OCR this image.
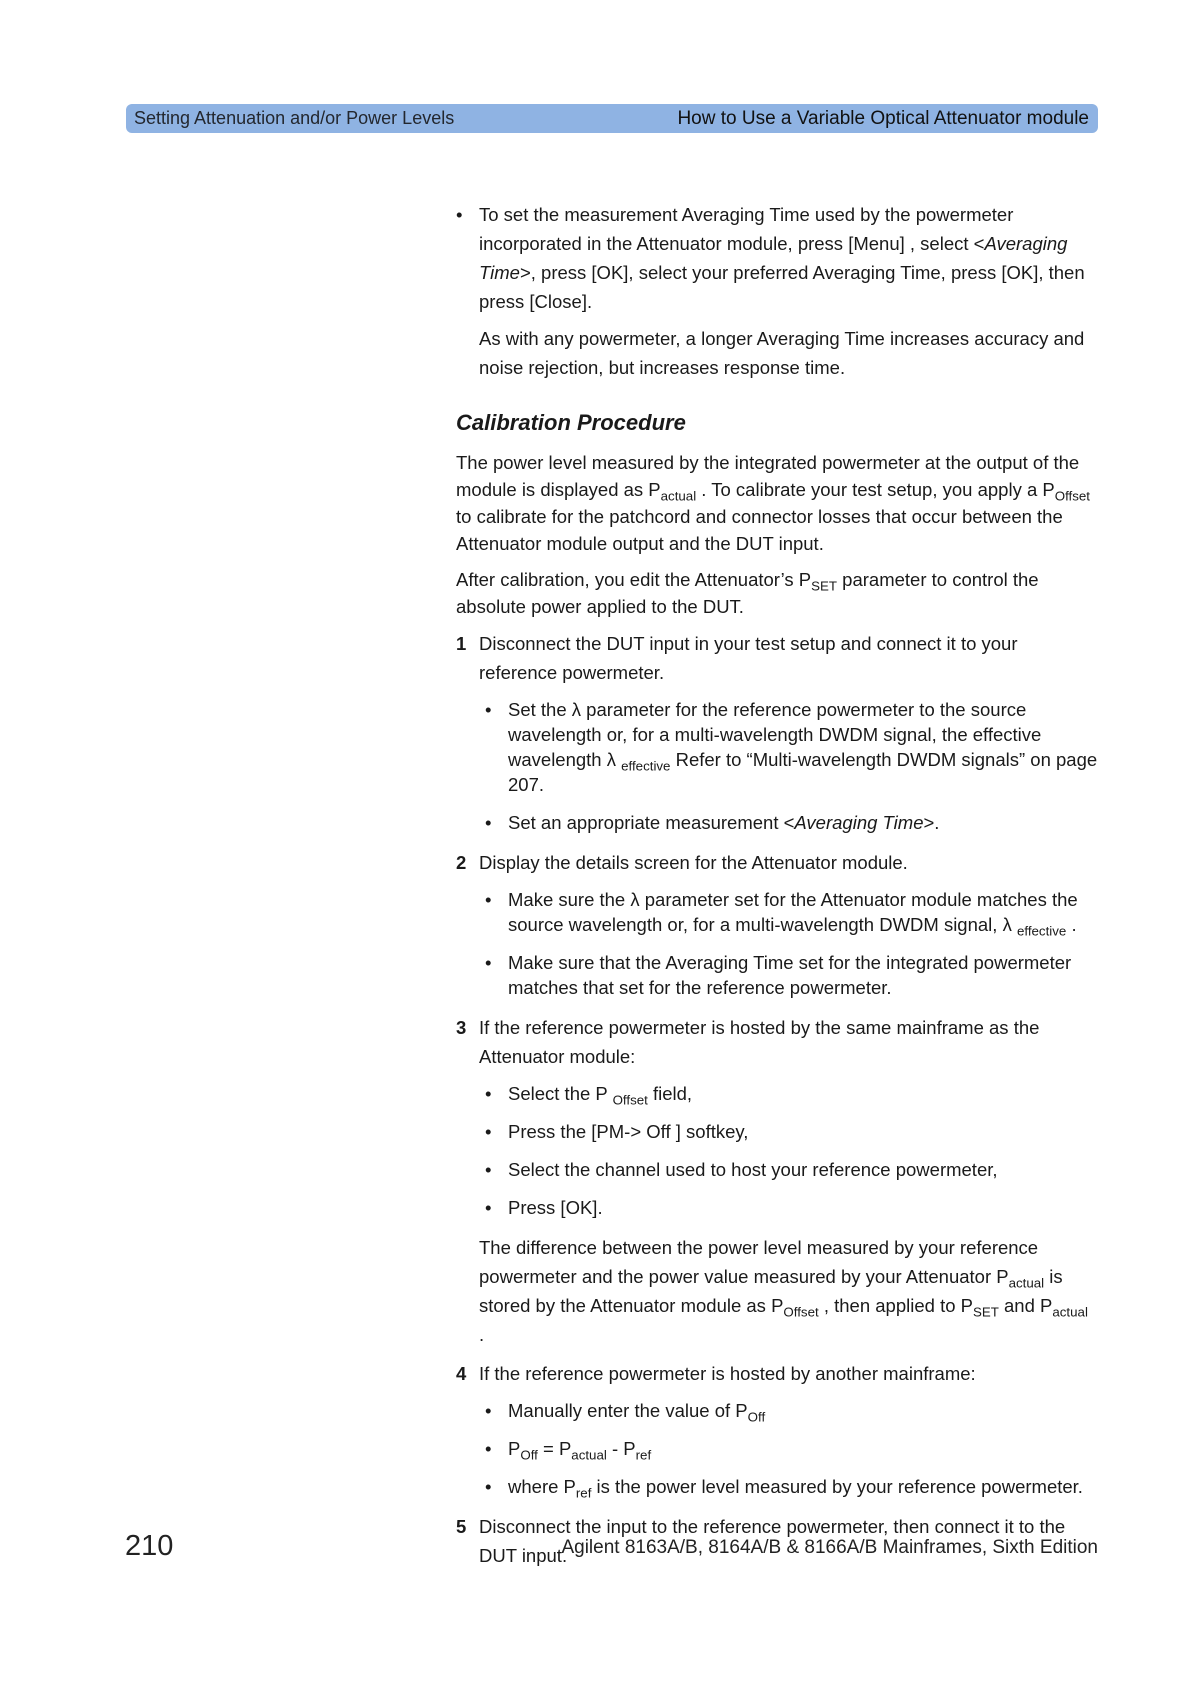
Setting Attenuation and/or Power Levels	How to Use a Variable Optical Attenuator module
• To set the measurement Averaging Time used by the powermeter incorporated in the Attenuator module, press [Menu] , select <Averaging Time>, press [OK], select your preferred Averaging Time, press [OK], then press [Close].
As with any powermeter, a longer Averaging Time increases accuracy and noise rejection, but increases response time.
Calibration Procedure

The power level measured by the integrated powermeter at the output of the module is displayed as $P_{actual}$ . To calibrate your test setup, you apply a $P_{Offset}$ to calibrate for the patchcord and connector losses that occur between the Attenuator module output and the DUT input.

After calibration, you edit the Attenuator’s $P_{SET}$ parameter to control the absolute power applied to the DUT.

1 Disconnect the DUT input in your test setup and connect it to your reference powermeter.
• Set the λ parameter for the reference powermeter to the source wavelength or, for a multi-wavelength DWDM signal, the effective wavelength λ $_{effective}$ Refer to “Multi-wavelength DWDM signals” on page 207.
• Set an appropriate measurement <Averaging Time>.
2 Display the details screen for the Attenuator module.
• Make sure the λ parameter set for the Attenuator module matches the source wavelength or, for a multi-wavelength DWDM signal, λ $_{effective}$ .
• Make sure that the Averaging Time set for the integrated powermeter matches that set for the reference powermeter.
3 If the reference powermeter is hosted by the same mainframe as the Attenuator module:
• Select the P $_{Offset}$ field,
• Press the [PM-> Off ] softkey,
• Select the channel used to host your reference powermeter,
• Press [OK].
The difference between the power level measured by your reference powermeter and the power value measured by your Attenuator $P_{actual}$ is stored by the Attenuator module as $P_{Offset}$ , then applied to $P_{SET}$ and $P_{actual}$ .
4 If the reference powermeter is hosted by another mainframe:
• Manually enter the value of $P_{Off}$
• $P_{Off} = P_{actual} - P_{ref}$
• where $P_{ref}$ is the power level measured by your reference powermeter.
5 Disconnect the input to the reference powermeter, then connect it to the DUT input.
210	Agilent 8163A/B, 8164A/B & 8166A/B Mainframes, Sixth Edition
